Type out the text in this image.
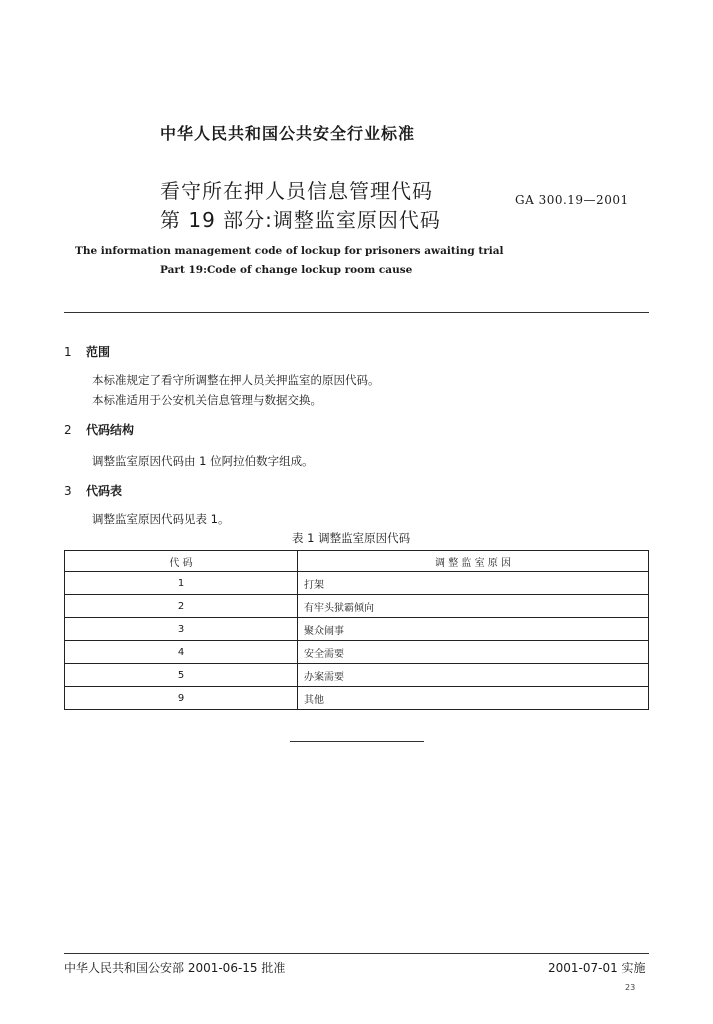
中华人民共和国公共安全行业标准
看守所在押人员信息管理代码
第 19 部分:调整监室原因代码
GA 300.19—2001
The information management code of lockup for prisoners awaiting trial
Part 19:Code of change lockup room cause
1 范围
本标准规定了看守所调整在押人员关押监室的原因代码。
本标准适用于公安机关信息管理与数据交换。
2 代码结构
调整监室原因代码由 1 位阿拉伯数字组成。
3 代码表
调整监室原因代码见表 1。
表 1 调整监室原因代码
代 码	调 整 监 室 原 因
1	打架
2	有牢头狱霸倾向
3	聚众闹事
4	安全需要
5	办案需要
9	其他
中华人民共和国公安部 2001-06-15 批准	2001-07-01 实施
23
